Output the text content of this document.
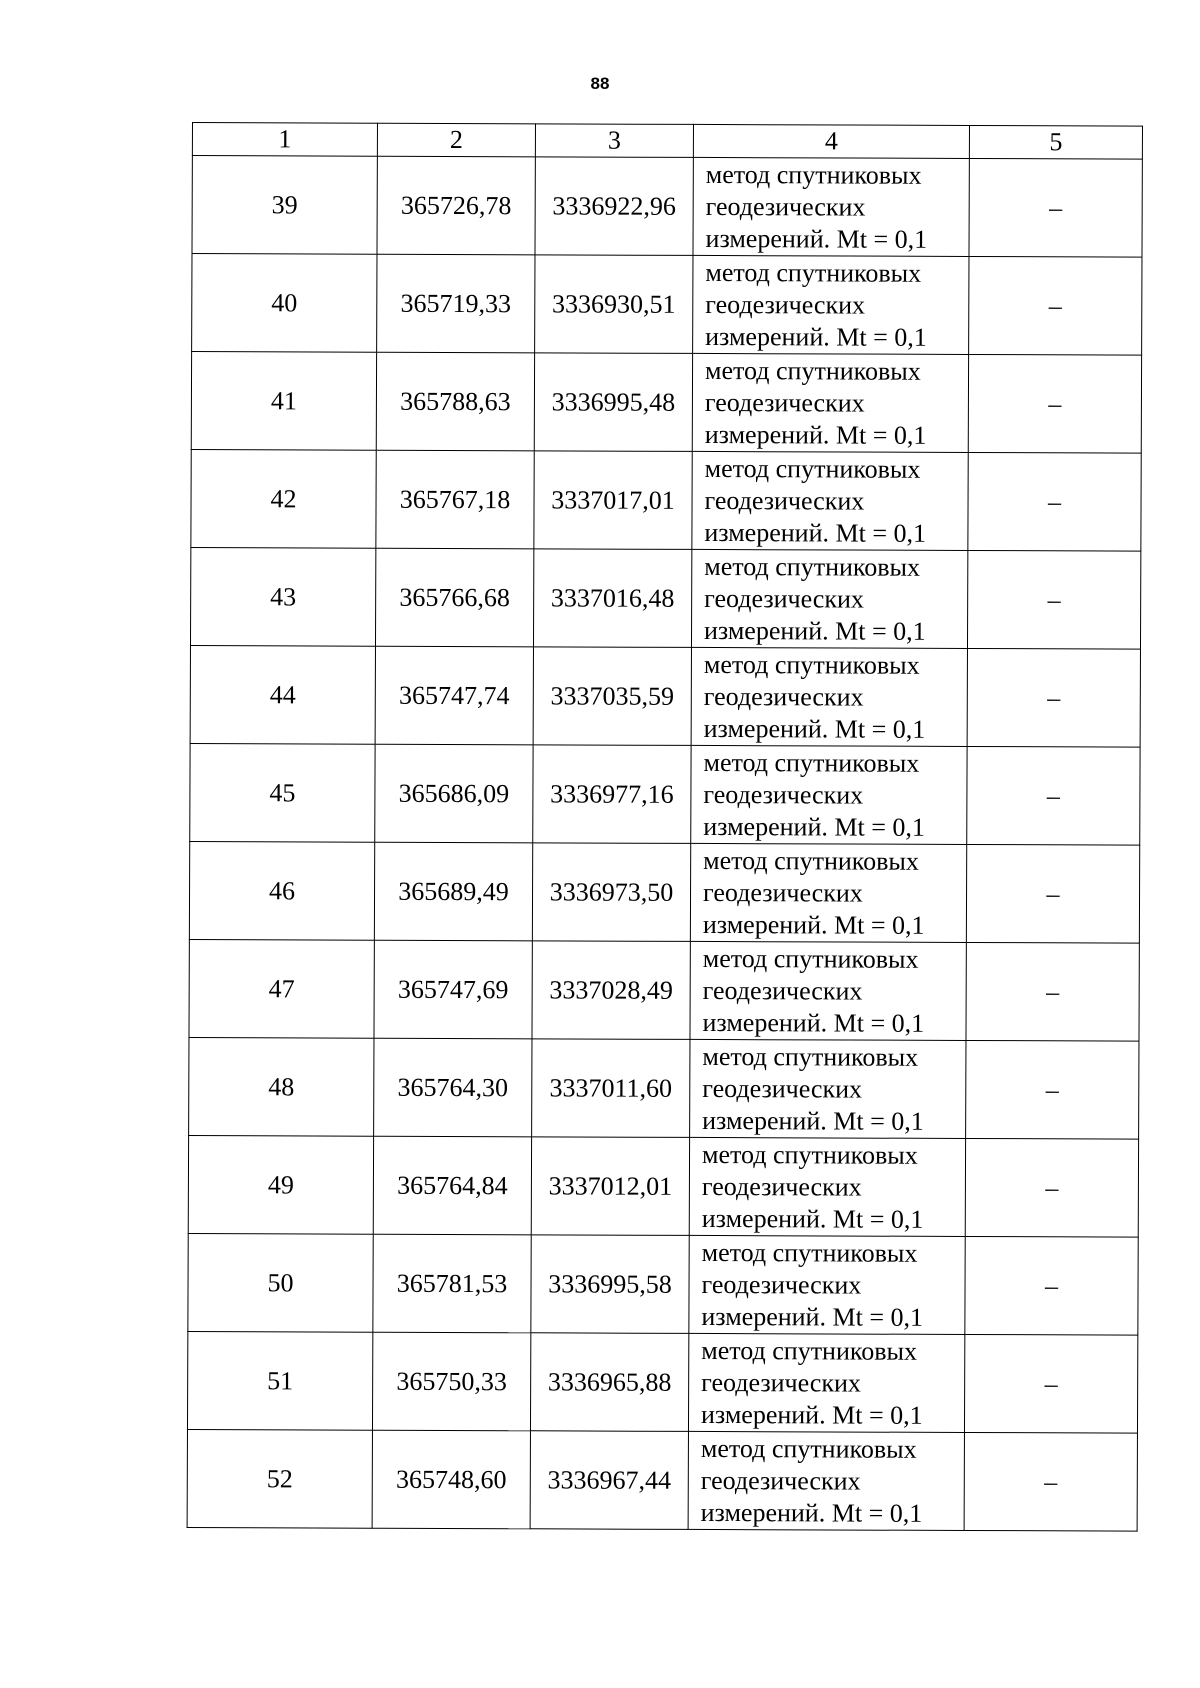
88
1	2	3	4	5
39	365726,78	3336922,96	метод спутниковых
геодезических
измерений. Mt = 0,1	–
40	365719,33	3336930,51	метод спутниковых
геодезических
измерений. Mt = 0,1	–
41	365788,63	3336995,48	метод спутниковых
геодезических
измерений. Mt = 0,1	–
42	365767,18	3337017,01	метод спутниковых
геодезических
измерений. Mt = 0,1	–
43	365766,68	3337016,48	метод спутниковых
геодезических
измерений. Mt = 0,1	–
44	365747,74	3337035,59	метод спутниковых
геодезических
измерений. Mt = 0,1	–
45	365686,09	3336977,16	метод спутниковых
геодезических
измерений. Mt = 0,1	–
46	365689,49	3336973,50	метод спутниковых
геодезических
измерений. Mt = 0,1	–
47	365747,69	3337028,49	метод спутниковых
геодезических
измерений. Mt = 0,1	–
48	365764,30	3337011,60	метод спутниковых
геодезических
измерений. Mt = 0,1	–
49	365764,84	3337012,01	метод спутниковых
геодезических
измерений. Mt = 0,1	–
50	365781,53	3336995,58	метод спутниковых
геодезических
измерений. Mt = 0,1	–
51	365750,33	3336965,88	метод спутниковых
геодезических
измерений. Mt = 0,1	–
52	365748,60	3336967,44	метод спутниковых
геодезических
измерений. Mt = 0,1	–
